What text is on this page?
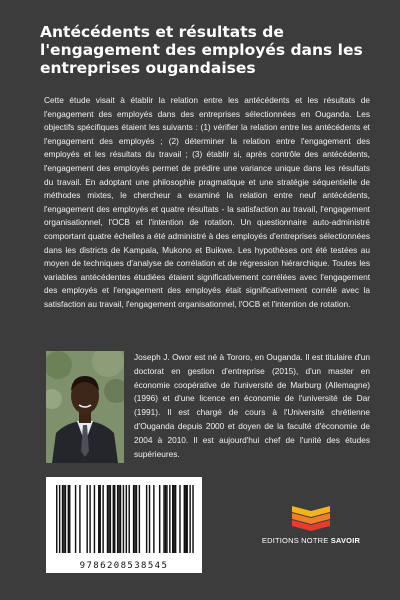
Antécédents et résultats de l'engagement des employés dans les entreprises ougandaises
Cette étude visait à établir la relation entre les antécédents et les résultats de l'engagement des employés dans des entreprises sélectionnées en Ouganda. Les objectifs spécifiques étaient les suivants : (1) vérifier la relation entre les antécédents et l'engagement des employés ; (2) déterminer la relation entre l'engagement des employés et les résultats du travail ; (3) établir si, après contrôle des antécédents, l'engagement des employés permet de prédire une variance unique dans les résultats du travail. En adoptant une philosophie pragmatique et une stratégie séquentielle de méthodes mixtes, le chercheur a examiné la relation entre neuf antécédents, l'engagement des employés et quatre résultats - la satisfaction au travail, l'engagement organisationnel, l'OCB et l'intention de rotation. Un questionnaire auto-administré comportant quatre échelles a été administré à des employés d'entreprises sélectionnées dans les districts de Kampala, Mukono et Buikwe. Les hypothèses ont été testées au moyen de techniques d'analyse de corrélation et de régression hiérarchique. Toutes les variables antécédentes étudiées étaient significativement corrélées avec l'engagement des employés et l'engagement des employés était significativement corrélé avec la satisfaction au travail, l'engagement organisationnel, l'OCB et l'intention de rotation.
Joseph J. Owor est né à Tororo, en Ouganda. Il est titulaire d'un doctorat en gestion d'entreprise (2015), d'un master en économie coopérative de l'université de Marburg (Allemagne) (1996) et d'une licence en économie de l'université de Dar (1991). Il est chargé de cours à l'Université chrétienne d'Ouganda depuis 2000 et doyen de la faculté d'économie de 2004 à 2010. Il est aujourd'hui chef de l'unité des études supérieures.
9786208538545
EDITIONS NOTRE SAVOIR
